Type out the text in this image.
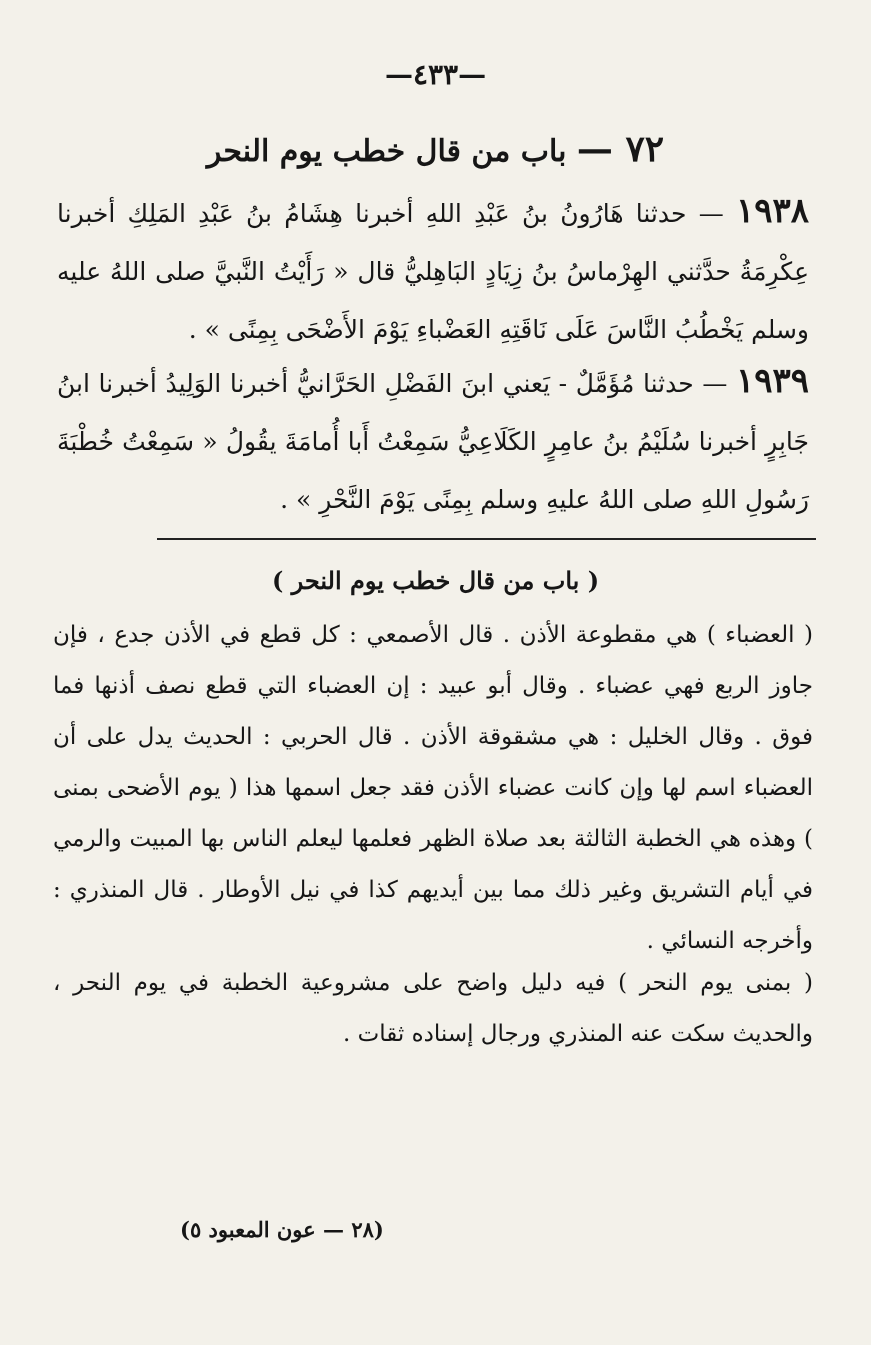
—٤٣٣—
٧٢ — باب من قال خطب يوم النحر
١٩٣٨ — حدثنا هَارُونُ بنُ عَبْدِ اللهِ أخبرنا هِشَامُ بنُ عَبْدِ المَلِكِ أخبرنا عِكْرِمَةُ حدَّثني الهِرْماسُ بنُ زِيَادٍ البَاهِليُّ قال « رَأَيْتُ النَّبيَّ صلى اللهُ عليه وسلم يَخْطُبُ النَّاسَ عَلَى نَاقَتِهِ العَضْباءِ يَوْمَ الأَضْحَى بِمِنًى » .
١٩٣٩ — حدثنا مُؤَمَّلٌ - يَعني ابنَ الفَضْلِ الحَرَّانيُّ أخبرنا الوَلِيدُ أخبرنا ابنُ جَابِرٍ أخبرنا سُلَيْمُ بنُ عامِرٍ الكَلَاعِيُّ سَمِعْتُ أَبا أُمامَةَ يقُولُ « سَمِعْتُ خُطْبَةَ رَسُولِ اللهِ صلى اللهُ عليهِ وسلم بِمِنًى يَوْمَ النَّحْرِ » .
( باب من قال خطب يوم النحر )
( العضباء ) هي مقطوعة الأذن . قال الأصمعي : كل قطع في الأذن جدع ، فإن جاوز الربع فهي عضباء . وقال أبو عبيد : إن العضباء التي قطع نصف أذنها فما فوق . وقال الخليل : هي مشقوقة الأذن . قال الحربي : الحديث يدل على أن العضباء اسم لها وإن كانت عضباء الأذن فقد جعل اسمها هذا ( يوم الأضحى بمنى ) وهذه هي الخطبة الثالثة بعد صلاة الظهر فعلمها ليعلم الناس بها المبيت والرمي في أيام التشريق وغير ذلك مما بين أيديهم كذا في نيل الأوطار . قال المنذري : وأخرجه النسائي .
( بمنى يوم النحر ) فيه دليل واضح على مشروعية الخطبة في يوم النحر ، والحديث سكت عنه المنذري ورجال إسناده ثقات .
(٢٨ — عون المعبود ٥)
